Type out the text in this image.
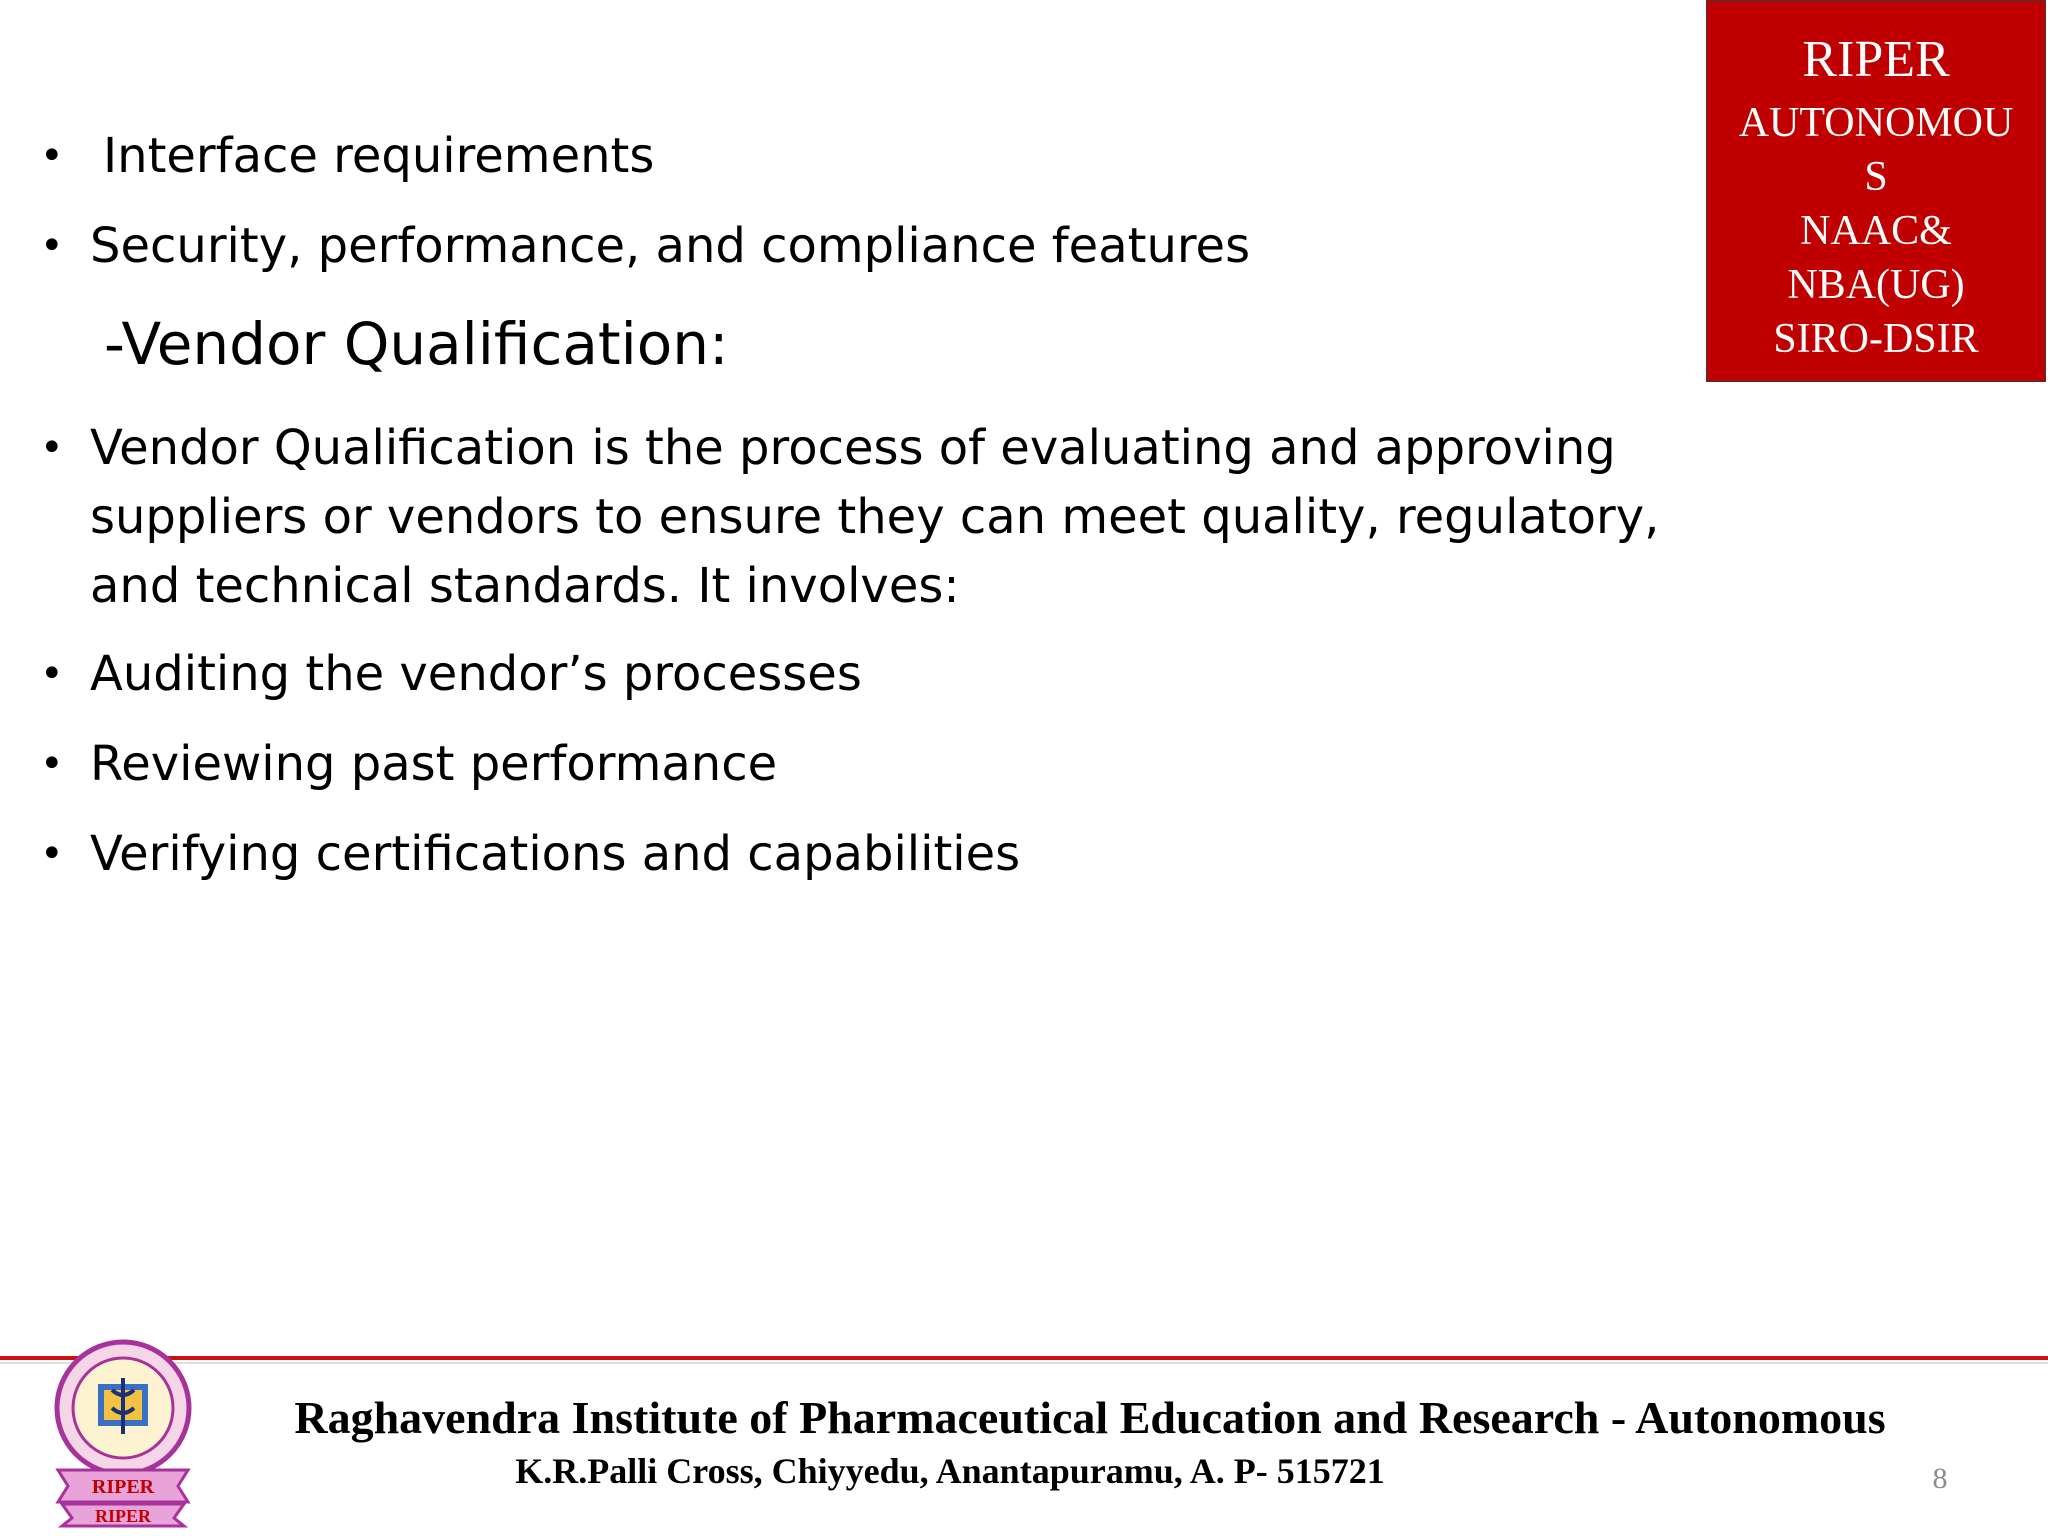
RIPER
AUTONOMOU
S
NAAC&
NBA(UG)
SIRO-DSIR
• Interface requirements
• Security, performance, and compliance features
-Vendor Qualification:
• Vendor Qualification is the process of evaluating and approving suppliers or vendors to ensure they can meet quality, regulatory, and technical standards. It involves:
• Auditing the vendor’s processes
• Reviewing past performance
• Verifying certifications and capabilities
RIPER
RIPER
Raghavendra Institute of Pharmaceutical Education and Research - Autonomous
K.R.Palli Cross, Chiyyedu, Anantapuramu, A. P- 515721	8
